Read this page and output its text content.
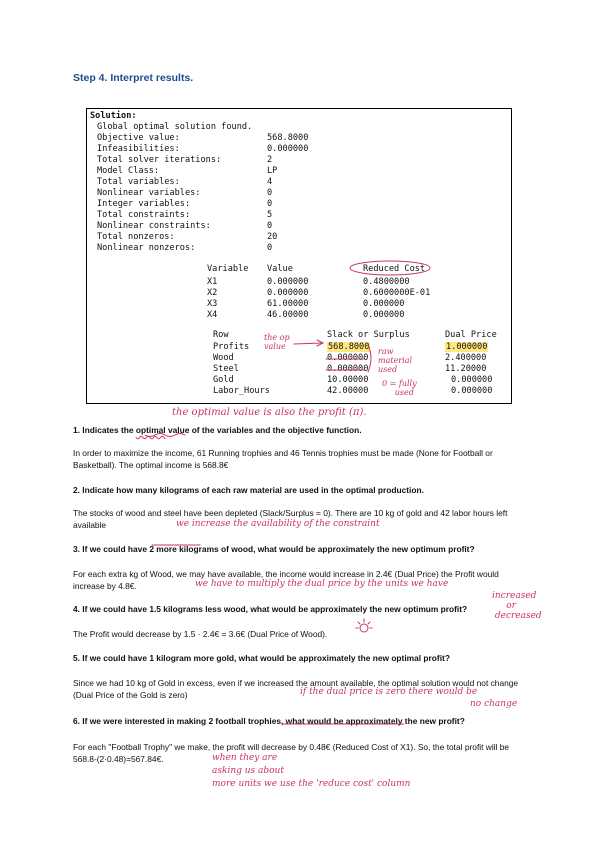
Step 4. Interpret results.
Solution:
Global optimal solution found.
Objective value:	568.8000
Infeasibilities:	0.000000
Total solver iterations:	2
Model Class:	LP
Total variables:	4
Nonlinear variables:	0
Integer variables:	0
Total constraints:	5
Nonlinear constraints:	0
Total nonzeros:	20
Nonlinear nonzeros:	0
Variable Value	Reduced Cost
X1	0.000000	0.4800000
X2	0.000000	0.6000000E-01
X3	61.00000	0.000000
X4	46.00000	0.000000
Row	Slack or Surplus	Dual Price
Profits	568.8000	1.000000
Wood	0.000000	2.400000
Steel	0.000000	11.20000
Gold	10.00000	0.000000
Labor_Hours	42.00000	0.000000
the op
value
raw
material
used
0 = fully
used
the optimal value is also the profit (π).
we increase the availability of the constraint
we have to multiply the dual price by the units we have
increased
or
decreased
if the dual price is zero there would be
no change
when they are
asking us about
more units we use the 'reduce cost' column

1. Indicates the optimal value of the variables and the objective function.

In order to maximize the income, 61 Running trophies and 46 Tennis trophies must be made (None for Football or Basketball). The optimal income is 568.8€

2. Indicate how many kilograms of each raw material are used in the optimal production.

The stocks of wood and steel have been depleted (Slack/Surplus = 0). There are 10 kg of gold and 42 labor hours left available

3. If we could have 2 more kilograms of wood, what would be approximately the new optimum profit?

For each extra kg of Wood, we may have available, the income would increase in 2.4€ (Dual Price) the Profit would increase by 4.8€.

4. If we could have 1.5 kilograms less wood, what would be approximately the new optimum profit?

The Profit would decrease by 1.5 · 2.4€ = 3.6€ (Dual Price of Wood).

5. If we could have 1 kilogram more gold, what would be approximately the new optimal profit?

Since we had 10 kg of Gold in excess, even if we increased the amount available, the optimal solution would not change (Dual Price of the Gold is zero)

6. If we were interested in making 2 football trophies, what would be approximately the new profit?

For each "Football Trophy" we make, the profit will decrease by 0.48€ (Reduced Cost of X1). So, the total profit will be 568.8-(2·0.48)=567.84€.
